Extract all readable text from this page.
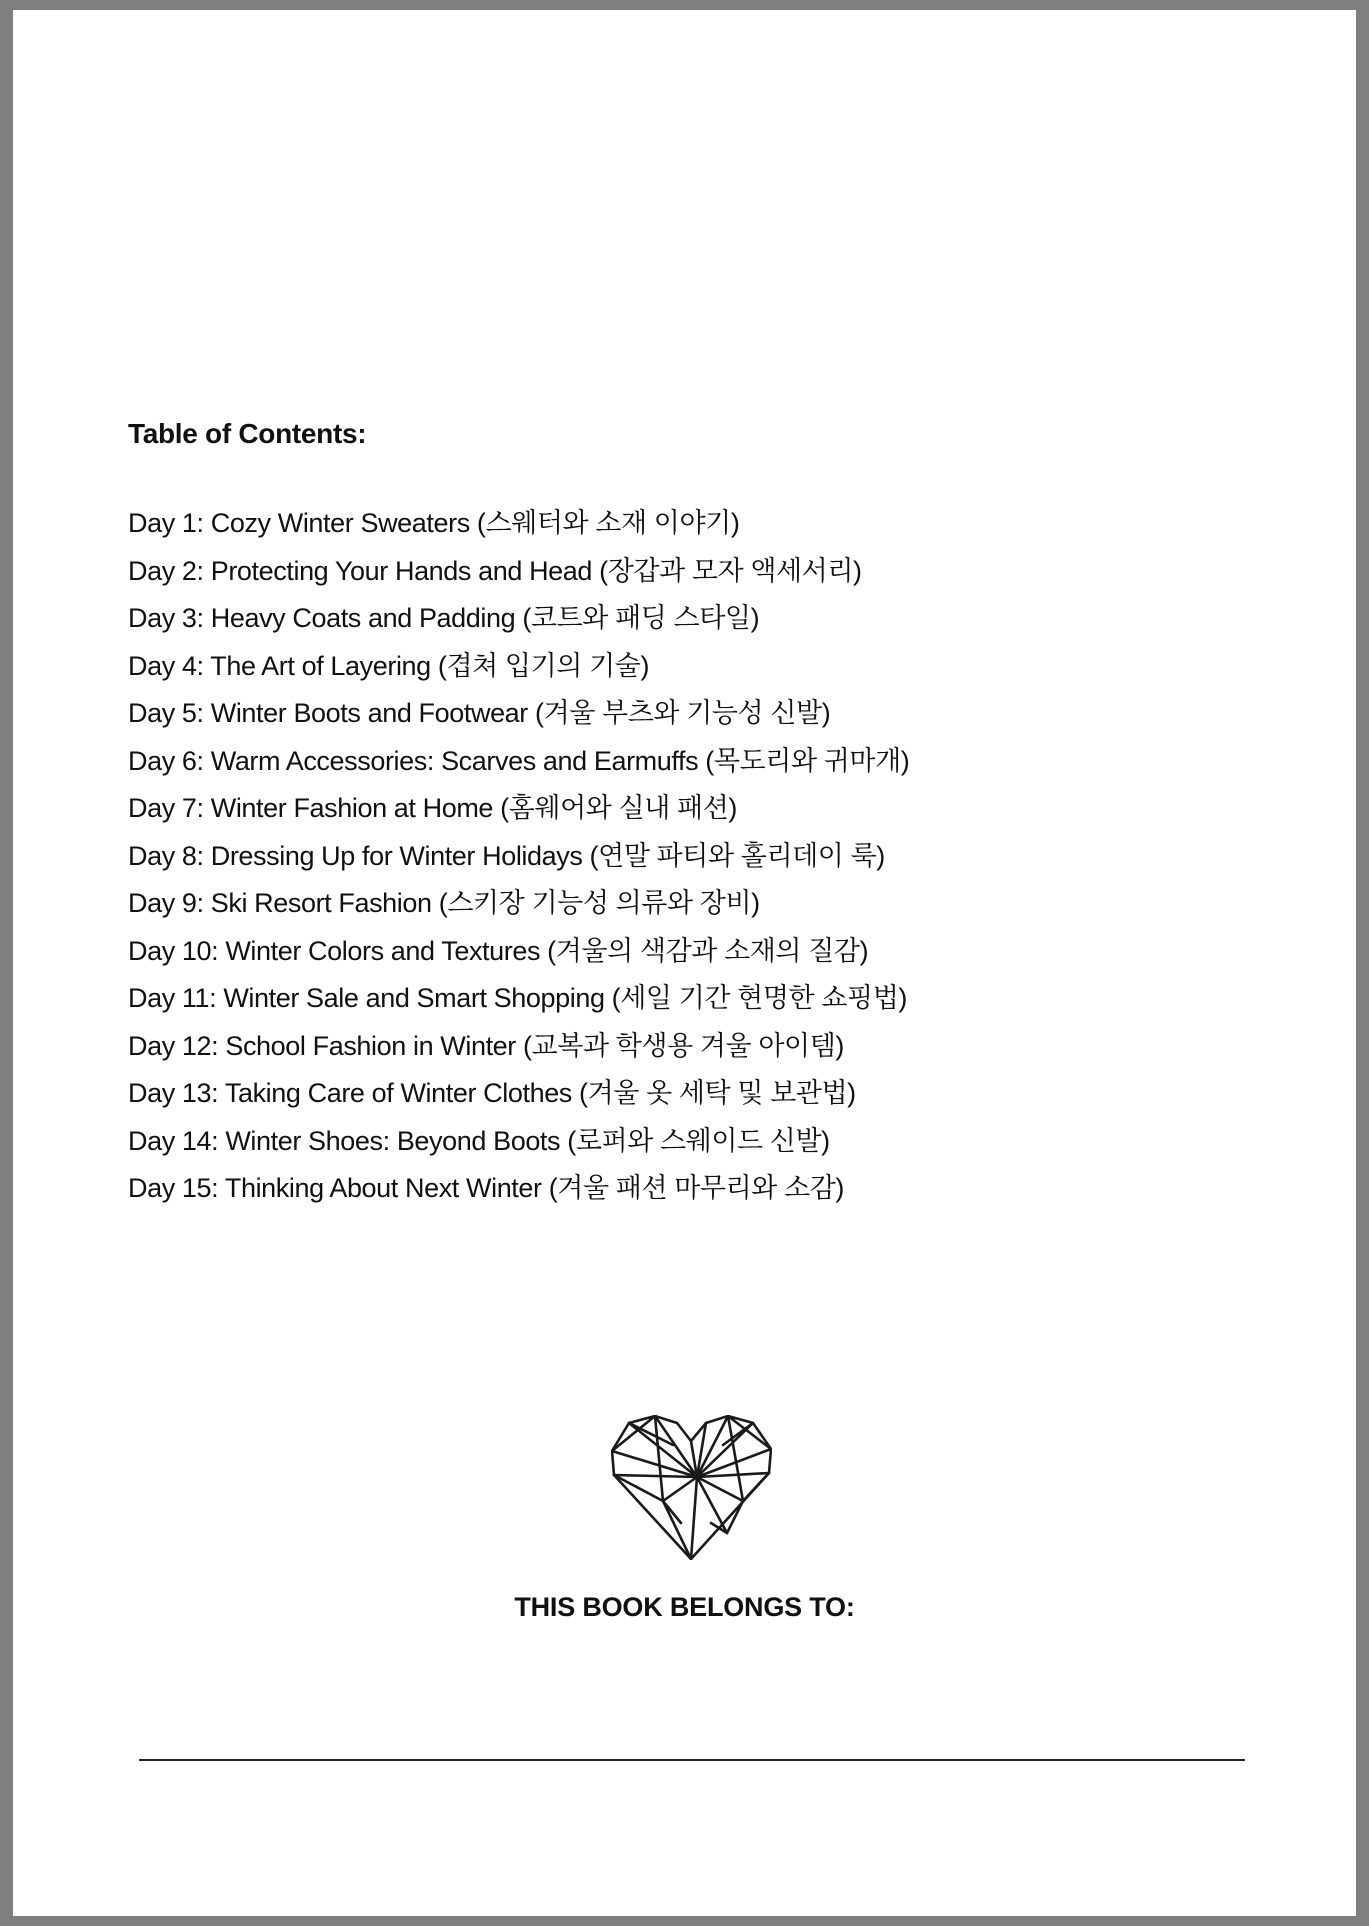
Table of Contents:
Day 1: Cozy Winter Sweaters (스웨터와 소재 이야기)
Day 2: Protecting Your Hands and Head (장갑과 모자 액세서리)
Day 3: Heavy Coats and Padding (코트와 패딩 스타일)
Day 4: The Art of Layering (겹쳐 입기의 기술)
Day 5: Winter Boots and Footwear (겨울 부츠와 기능성 신발)
Day 6: Warm Accessories: Scarves and Earmuffs (목도리와 귀마개)
Day 7: Winter Fashion at Home (홈웨어와 실내 패션)
Day 8: Dressing Up for Winter Holidays (연말 파티와 홀리데이 룩)
Day 9: Ski Resort Fashion (스키장 기능성 의류와 장비)
Day 10: Winter Colors and Textures (겨울의 색감과 소재의 질감)
Day 11: Winter Sale and Smart Shopping (세일 기간 현명한 쇼핑법)
Day 12: School Fashion in Winter (교복과 학생용 겨울 아이템)
Day 13: Taking Care of Winter Clothes (겨울 옷 세탁 및 보관법)
Day 14: Winter Shoes: Beyond Boots (로퍼와 스웨이드 신발)
Day 15: Thinking About Next Winter (겨울 패션 마무리와 소감)

THIS BOOK BELONGS TO:
